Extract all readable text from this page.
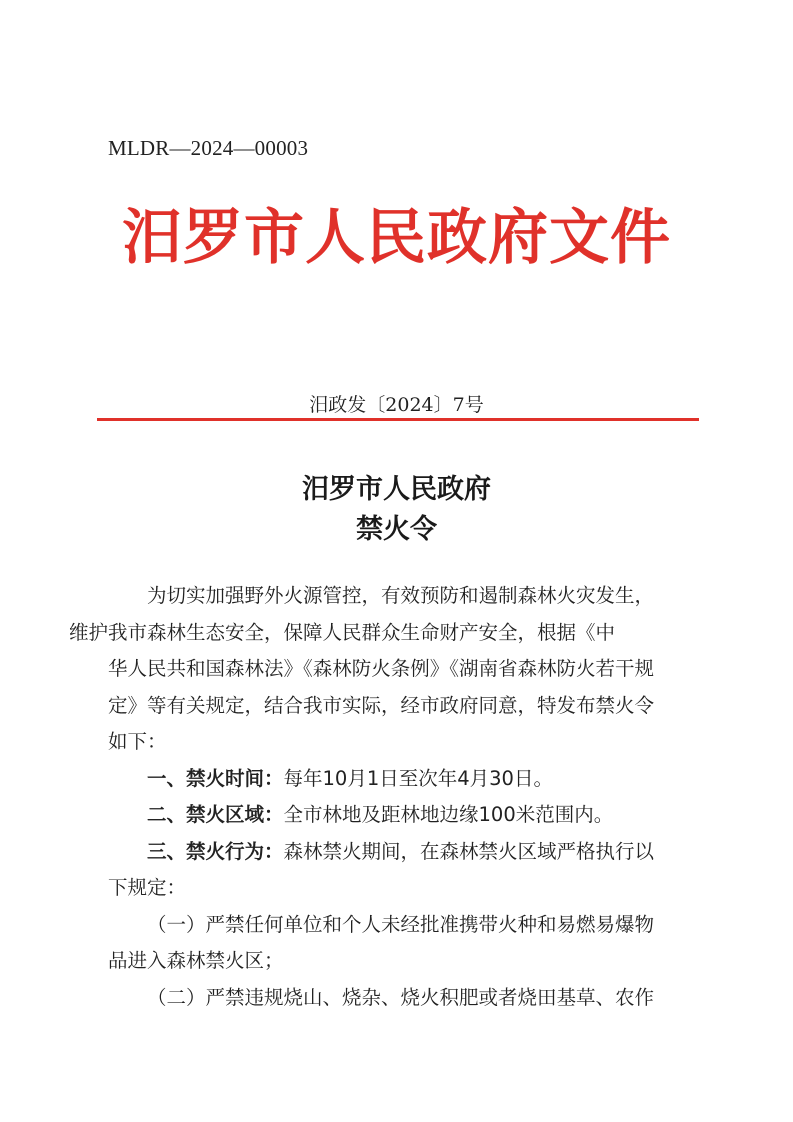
MLDR—2024—00003
汨罗市人民政府文件
汨政发〔2024〕7号
汨罗市人民政府
禁火令

为切实加强野外火源管控，有效预防和遏制森林火灾发生，
维护我市森林生态安全，保障人民群众生命财产安全，根据《中
华人民共和国森林法》《森林防火条例》《湖南省森林防火若干规
定》等有关规定，结合我市实际，经市政府同意，特发布禁火令
如下：

一、禁火时间：每年10月1日至次年4月30日。
二、禁火区域：全市林地及距林地边缘100米范围内。
三、禁火行为：森林禁火期间，在森林禁火区域严格执行以
下规定：
（一）严禁任何单位和个人未经批准携带火种和易燃易爆物
品进入森林禁火区；
（二）严禁违规烧山、烧杂、烧火积肥或者烧田基草、农作
